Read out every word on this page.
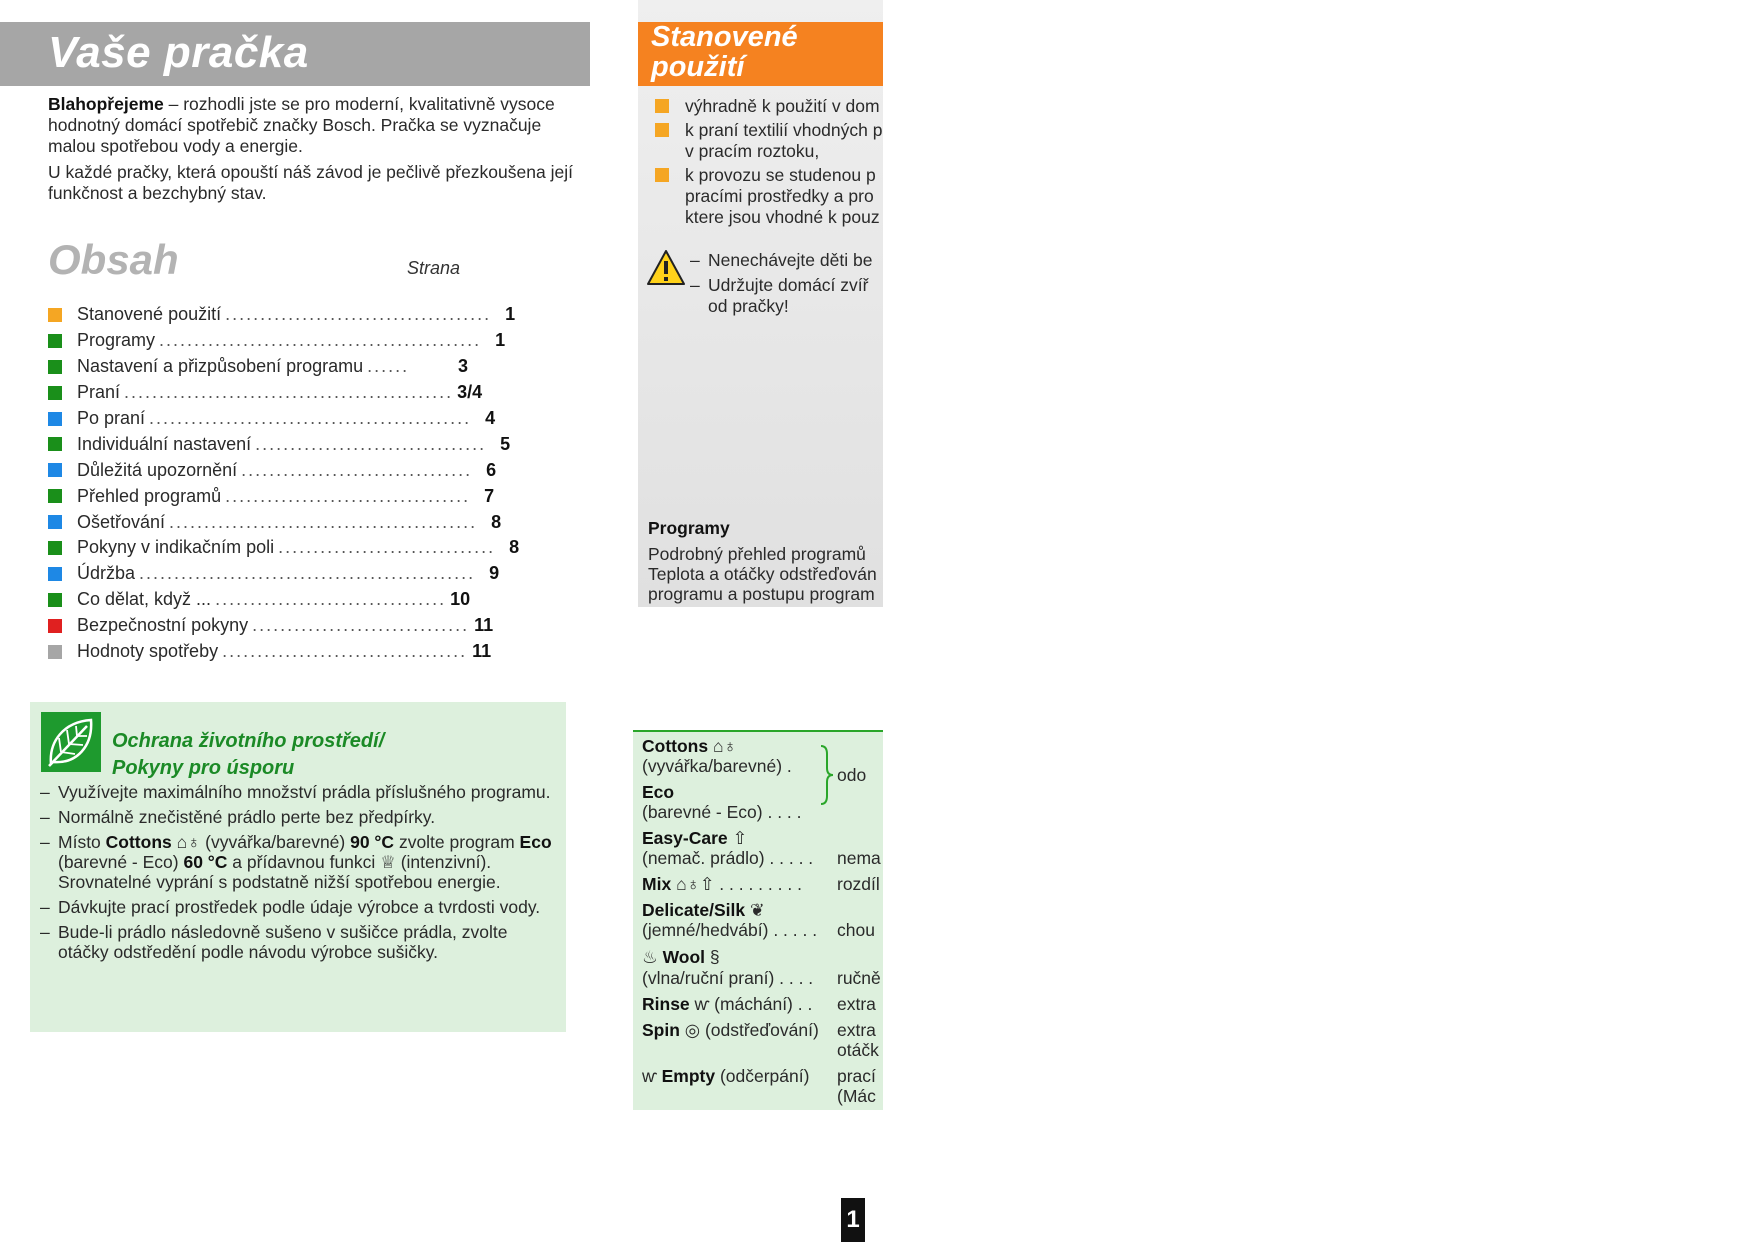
Vaše pračka

Blahopřejeme – rozhodli jste se pro moderní, kvalitativně vysoce hodnotný domácí spotřebič značky Bosch. Pračka se vyznačuje malou spotřebou vody a energie.

U každé pračky, která opouští náš závod je pečlivě přezkoušena její funkčnost a bezchybný stav.

Obsah	Strana
Stanovené použití ...................................... 1
Programy .............................................. 1
Nastavení a přizpůsobení programu ......	3
Praní ............................................... 3/4
Po praní .............................................. 4
Individuální nastavení ................................. 5
Důležitá upozornění ................................. 6
Přehled programů ................................... 7
Ošetřování ............................................ 8
Pokyny v indikačním poli ............................... 8
Údržba ................................................ 9
Co dělat, když ... ................................. 10
Bezpečnostní pokyny ............................... 11
Hodnoty spotřeby ................................... 11
Ochrana životního prostředí/
Pokyny pro úsporu
– Využívejte maximálního množství prádla příslušného programu.
– Normálně znečistěné prádlo perte bez předpírky.
– Místo Cottons ⌂♁ (vyvářka/barevné) 90 °C zvolte program Eco (barevné - Eco) 60 °C a přídavnou funkci ♕ (intenzivní). Srovnatelné vyprání s podstatně nižší spotřebou energie.
– Dávkujte prací prostředek podle údaje výrobce a tvrdosti vody.
– Bude-li prádlo následovně sušeno v sušičce prádla, zvolte otáčky odstředění podle návodu výrobce sušičky.
Stanovené
použití
výhradně k použití v dom
k praní textilií vhodných p
v pracím roztoku,
k provozu se studenou p
pracími prostředky a pro
ktere jsou vhodné k pouz
– Nenechávejte děti be
– Udržujte domácí zvíř
od pračky!
Programy
Podrobný přehled programů
Teplota a otáčky odstřeďován
programu a postupu program
Cottons ⌂♁
(vyvářka/barevné) .
Eco
(barevné - Eco) . . . .
odo
Easy-Care ⇧
(nemač. prádlo) . . . . . nema
Mix ⌂♁⇧ . . . . . . . . . rozdíl
Delicate/Silk ❦
(jemné/hedvábí) . . . . . chou
♨ Wool §
(vlna/ruční praní) . . . . ručně
Rinse ⱳ (máchání) . . extra
Spin ◎ (odstřeďování) extra
otáčk
ⱳ Empty (odčerpání) prací
(Mác
1
